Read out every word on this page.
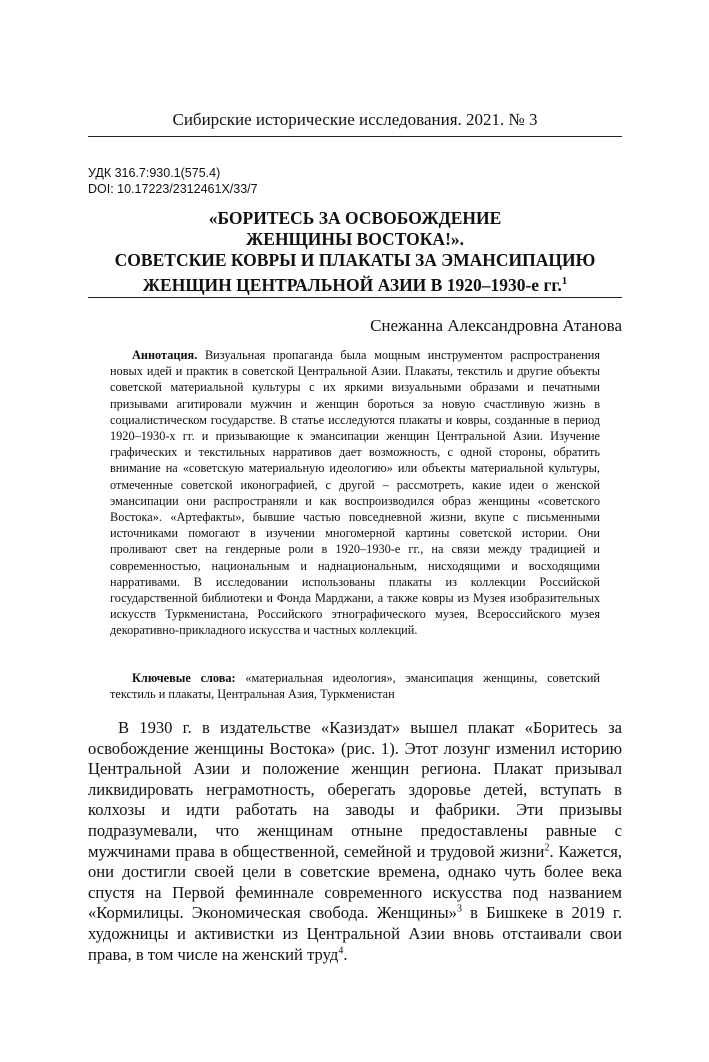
Сибирские исторические исследования. 2021. № 3
УДК 316.7:930.1(575.4)
DOI: 10.17223/2312461X/33/7
«БОРИТЕСЬ ЗА ОСВОБОЖДЕНИЕ
ЖЕНЩИНЫ ВОСТОКА!».
СОВЕТСКИЕ КОВРЫ И ПЛАКАТЫ ЗА ЭМАНСИПАЦИЮ
ЖЕНЩИН ЦЕНТРАЛЬНОЙ АЗИИ В 1920–1930-е гг.$^1$
Снежанна Александровна Атанова

Аннотация. Визуальная пропаганда была мощным инструментом распространения новых идей и практик в советской Центральной Азии. Плакаты, текстиль и другие объекты советской материальной культуры с их яркими визуальными образами и печатными призывами агитировали мужчин и женщин бороться за новую счастливую жизнь в социалистическом государстве. В статье исследуются плакаты и ковры, созданные в период 1920–1930-х гг. и призывающие к эмансипации женщин Центральной Азии. Изучение графических и текстильных нарративов дает возможность, с одной стороны, обратить внимание на «советскую материальную идеологию» или объекты материальной культуры, отмеченные советской иконографией, с другой – рассмотреть, какие идеи о женской эмансипации они распространяли и как воспроизводился образ женщины «советского Востока». «Артефакты», бывшие частью повседневной жизни, вкупе с письменными источниками помогают в изучении многомерной картины советской истории. Они проливают свет на гендерные роли в 1920–1930-е гг., на связи между традицией и современностью, национальным и наднациональным, нисходящими и восходящими нарративами. В исследовании использованы плакаты из коллекции Российской государственной библиотеки и Фонда Марджани, а также ковры из Музея изобразительных искусств Туркменистана, Российского этнографического музея, Всероссийского музея декоративно-прикладного искусства и частных коллекций.

Ключевые слова: «материальная идеология», эмансипация женщины, советский текстиль и плакаты, Центральная Азия, Туркменистан

В 1930 г. в издательстве «Казиздат» вышел плакат «Боритесь за освобождение женщины Востока» (рис. 1). Этот лозунг изменил историю Центральной Азии и положение женщин региона. Плакат призывал ликвидировать неграмотность, оберегать здоровье детей, вступать в колхозы и идти работать на заводы и фабрики. Эти призывы подразумевали, что женщинам отныне предоставлены равные с мужчинами права в общественной, семейной и трудовой жизни$^2$. Кажется, они достигли своей цели в советские времена, однако чуть более века спустя на Первой феминнале современного искусства под названием «Кормилицы. Экономическая свобода. Женщины»$^3$ в Бишкеке в 2019 г. художницы и активистки из Центральной Азии вновь отстаивали свои права, в том числе на женский труд$^4$.
